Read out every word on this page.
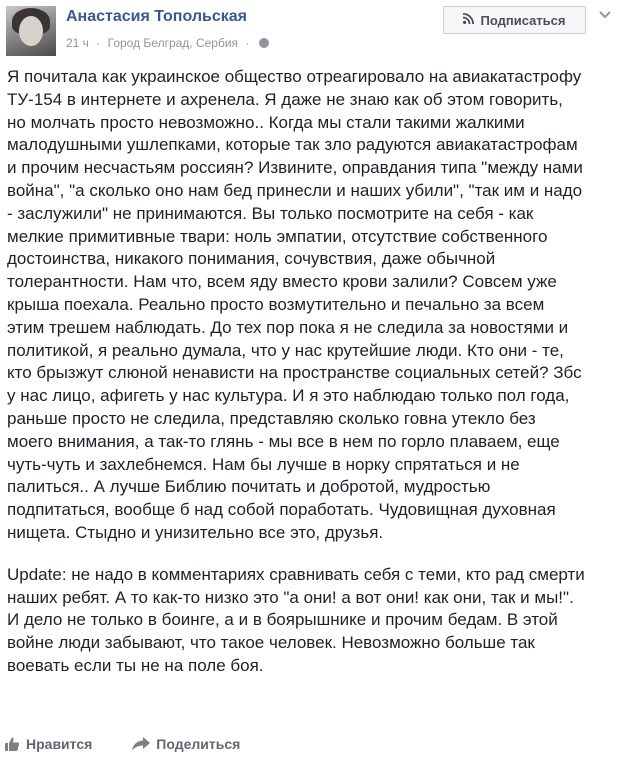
Анастасия Топольская
21 ч · Город Белград, Сербия ·
Подписаться

Я почитала как украинское общество отреагировало на авиакатастрофу

ТУ-154 в интернете и ахренела. Я даже не знаю как об этом говорить,

но молчать просто невозможно.. Когда мы стали такими жалкими

малодушными ушлепками, которые так зло радуются авиакатастрофам

и прочим несчастьям россиян? Извините, оправдания типа "между нами

война", "а сколько оно нам бед принесли и наших убили", "так им и надо

- заслужили" не принимаются. Вы только посмотрите на себя - как

мелкие примитивные твари: ноль эмпатии, отсутствие собственного

достоинства, никакого понимания, сочувствия, даже обычной

толерантности. Нам что, всем яду вместо крови залили? Совсем уже

крыша поехала. Реально просто возмутительно и печально за всем

этим трешем наблюдать. До тех пор пока я не следила за новостями и

политикой, я реально думала, что у нас крутейшие люди. Кто они - те,

кто брызжут слюной ненависти на пространстве социальных сетей? Збс

у нас лицо, афигеть у нас культура. И я это наблюдаю только пол года,

раньше просто не следила, представляю сколько говна утекло без

моего внимания, а так-то глянь - мы все в нем по горло плаваем, еще

чуть-чуть и захлебнемся. Нам бы лучше в норку спрятаться и не

палиться.. А лучше Библию почитать и добротой, мудростью

подпитаться, вообще б над собой поработать. Чудовищная духовная

нищета. Стыдно и унизительно все это, друзья.

Update: не надо в комментариях сравнивать себя с теми, кто рад смерти

наших ребят. А то как-то низко это "а они! а вот они! как они, так и мы!".

И дело не только в боинге, а и в боярышнике и прочим бедам. В этой

войне люди забывают, что такое человек. Невозможно больше так

воевать если ты не на поле боя.

Нравится	Поделиться
